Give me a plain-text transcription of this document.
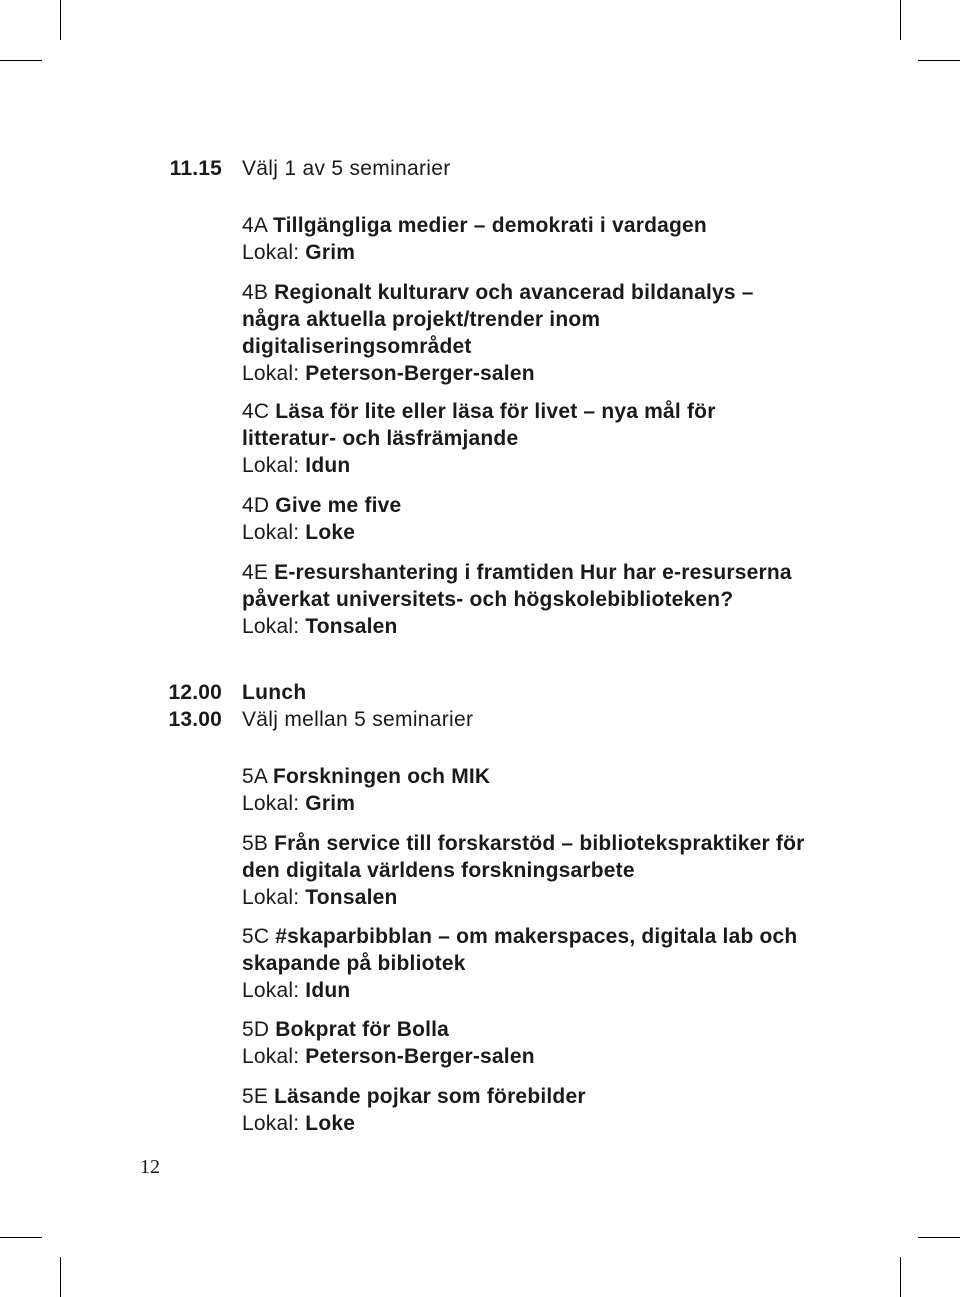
11.15 Välj 1 av 5 seminarier
4A Tillgängliga medier – demokrati i vardagen
Lokal: Grim
4B Regionalt kulturarv och avancerad bildanalys – några aktuella projekt/trender inom digitaliseringsområdet
Lokal: Peterson-Berger-salen
4C Läsa för lite eller läsa för livet – nya mål för litteratur- och läsfrämjande
Lokal: Idun
4D Give me five
Lokal: Loke
4E E-resurshantering i framtiden Hur har e-resurserna påverkat universitets- och högskolebiblioteken?
Lokal: Tonsalen
12.00 Lunch
13.00 Välj mellan 5 seminarier
5A Forskningen och MIK
Lokal: Grim
5B Från service till forskarstöd – bibliotekspraktiker för den digitala världens forskningsarbete
Lokal: Tonsalen
5C #skaparbibblan – om makerspaces, digitala lab och skapande på bibliotek
Lokal: Idun
5D Bokprat för Bolla
Lokal: Peterson-Berger-salen
5E Läsande pojkar som förebilder
Lokal: Loke
12
